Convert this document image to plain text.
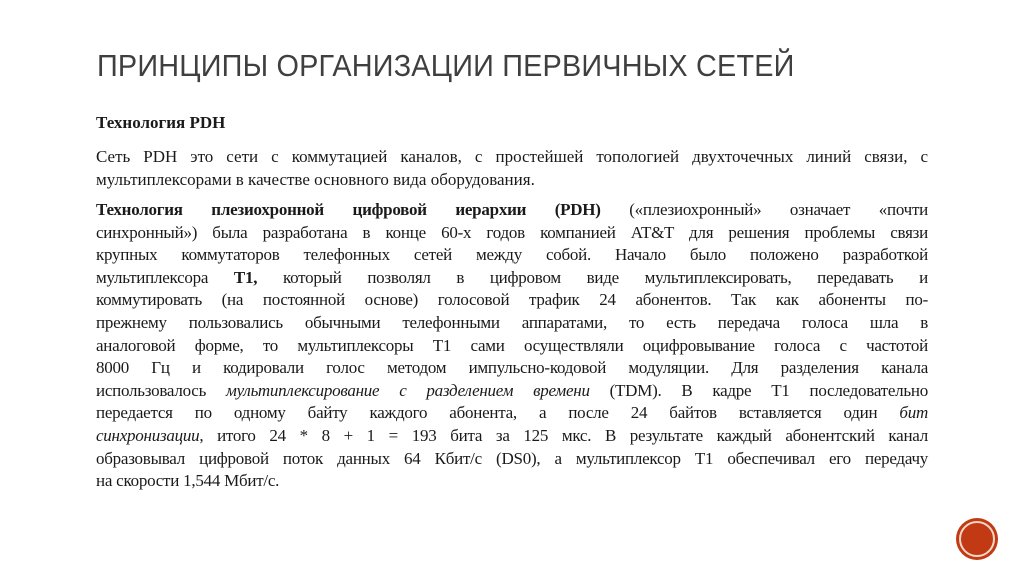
ПРИНЦИПЫ ОРГАНИЗАЦИИ ПЕРВИЧНЫХ СЕТЕЙ
Технология PDH
Сеть PDH это сети с коммутацией каналов, с простейшей топологией двухточечных линий связи, с
мультиплексорами в качестве основного вида оборудования.
Технология плезиохронной цифровой иерархии (PDH) («плезиохронный» означает «почти
синхронный») была разработана в конце 60-х годов компанией AT&T для решения проблемы связи
крупных коммутаторов телефонных сетей между собой. Начало было положено разработкой
мультиплексора T1, который позволял в цифровом виде мультиплексировать, передавать и
коммутировать (на постоянной основе) голосовой трафик 24 абонентов. Так как абоненты по-
прежнему пользовались обычными телефонными аппаратами, то есть передача голоса шла в
аналоговой форме, то мультиплексоры T1 сами осуществляли оцифровывание голоса с частотой
8000 Гц и кодировали голос методом импульсно-кодовой модуляции. Для разделения канала
использовалось мультиплексирование с разделением времени (TDM). В кадре T1 последовательно
передается по одному байту каждого абонента, а после 24 байтов вставляется один бит
синхронизации, итого 24 * 8 + 1 = 193 бита за 125 мкс. В результате каждый абонентский канал
образовывал цифровой поток данных 64 Кбит/с (DS0), а мультиплексор T1 обеспечивал его передачу
на скорости 1,544 Мбит/с.
